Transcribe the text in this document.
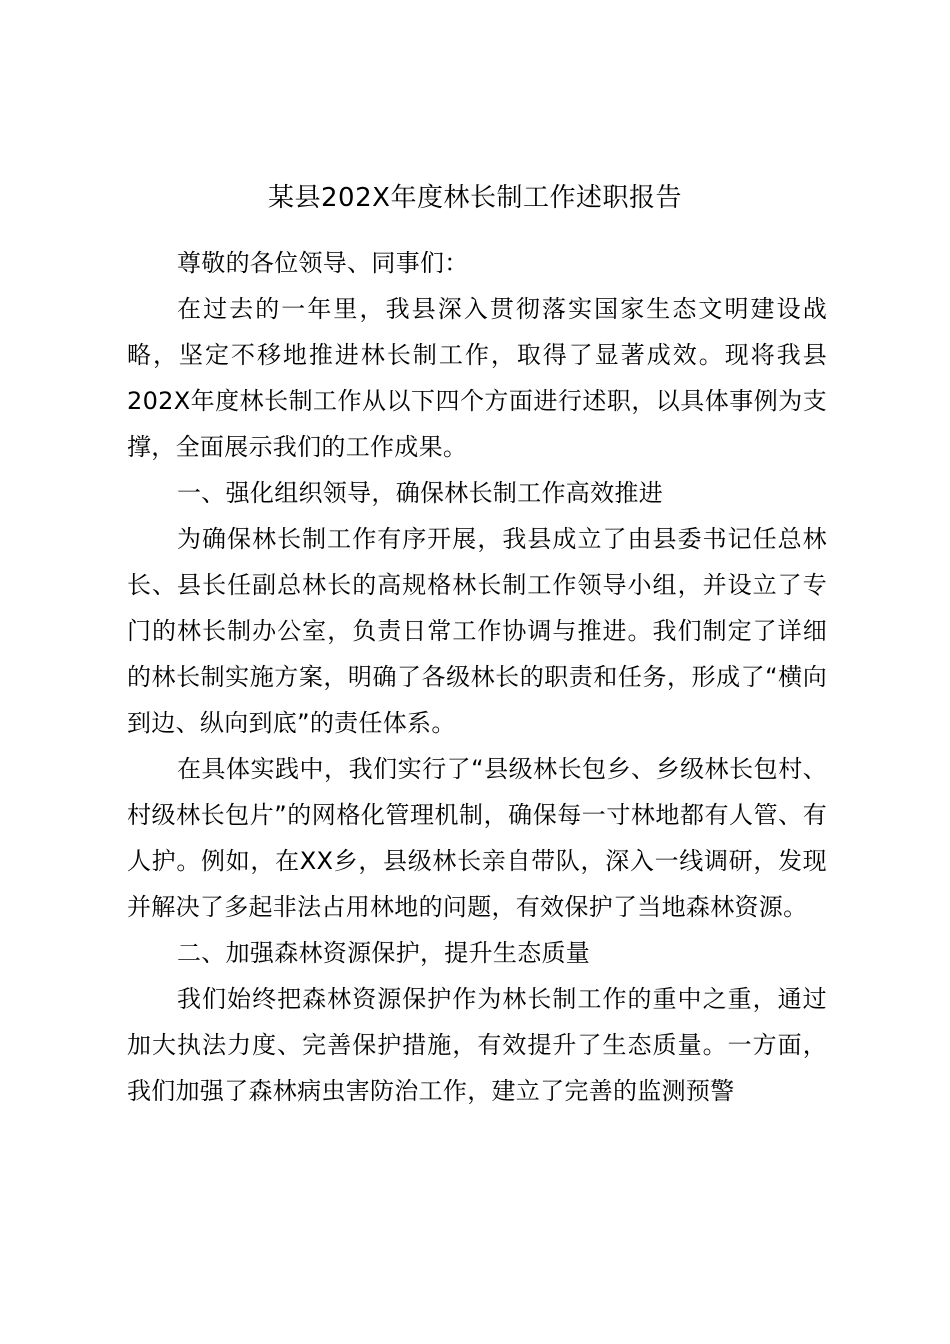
某县202X年度林长制工作述职报告

尊敬的各位领导、同事们：

在过去的一年里，我县深入贯彻落实国家生态文明建设战略，坚定不移地推进林长制工作，取得了显著成效。现将我县202X年度林长制工作从以下四个方面进行述职，以具体事例为支撑，全面展示我们的工作成果。

一、强化组织领导，确保林长制工作高效推进

为确保林长制工作有序开展，我县成立了由县委书记任总林长、县长任副总林长的高规格林长制工作领导小组，并设立了专门的林长制办公室，负责日常工作协调与推进。我们制定了详细的林长制实施方案，明确了各级林长的职责和任务，形成了“横向到边、纵向到底”的责任体系。

在具体实践中，我们实行了“县级林长包乡、乡级林长包村、村级林长包片”的网格化管理机制，确保每一寸林地都有人管、有人护。例如，在XX乡，县级林长亲自带队，深入一线调研，发现并解决了多起非法占用林地的问题，有效保护了当地森林资源。

二、加强森林资源保护，提升生态质量

我们始终把森林资源保护作为林长制工作的重中之重，通过加大执法力度、完善保护措施，有效提升了生态质量。一方面，我们加强了森林病虫害防治工作，建立了完善的监测预警
